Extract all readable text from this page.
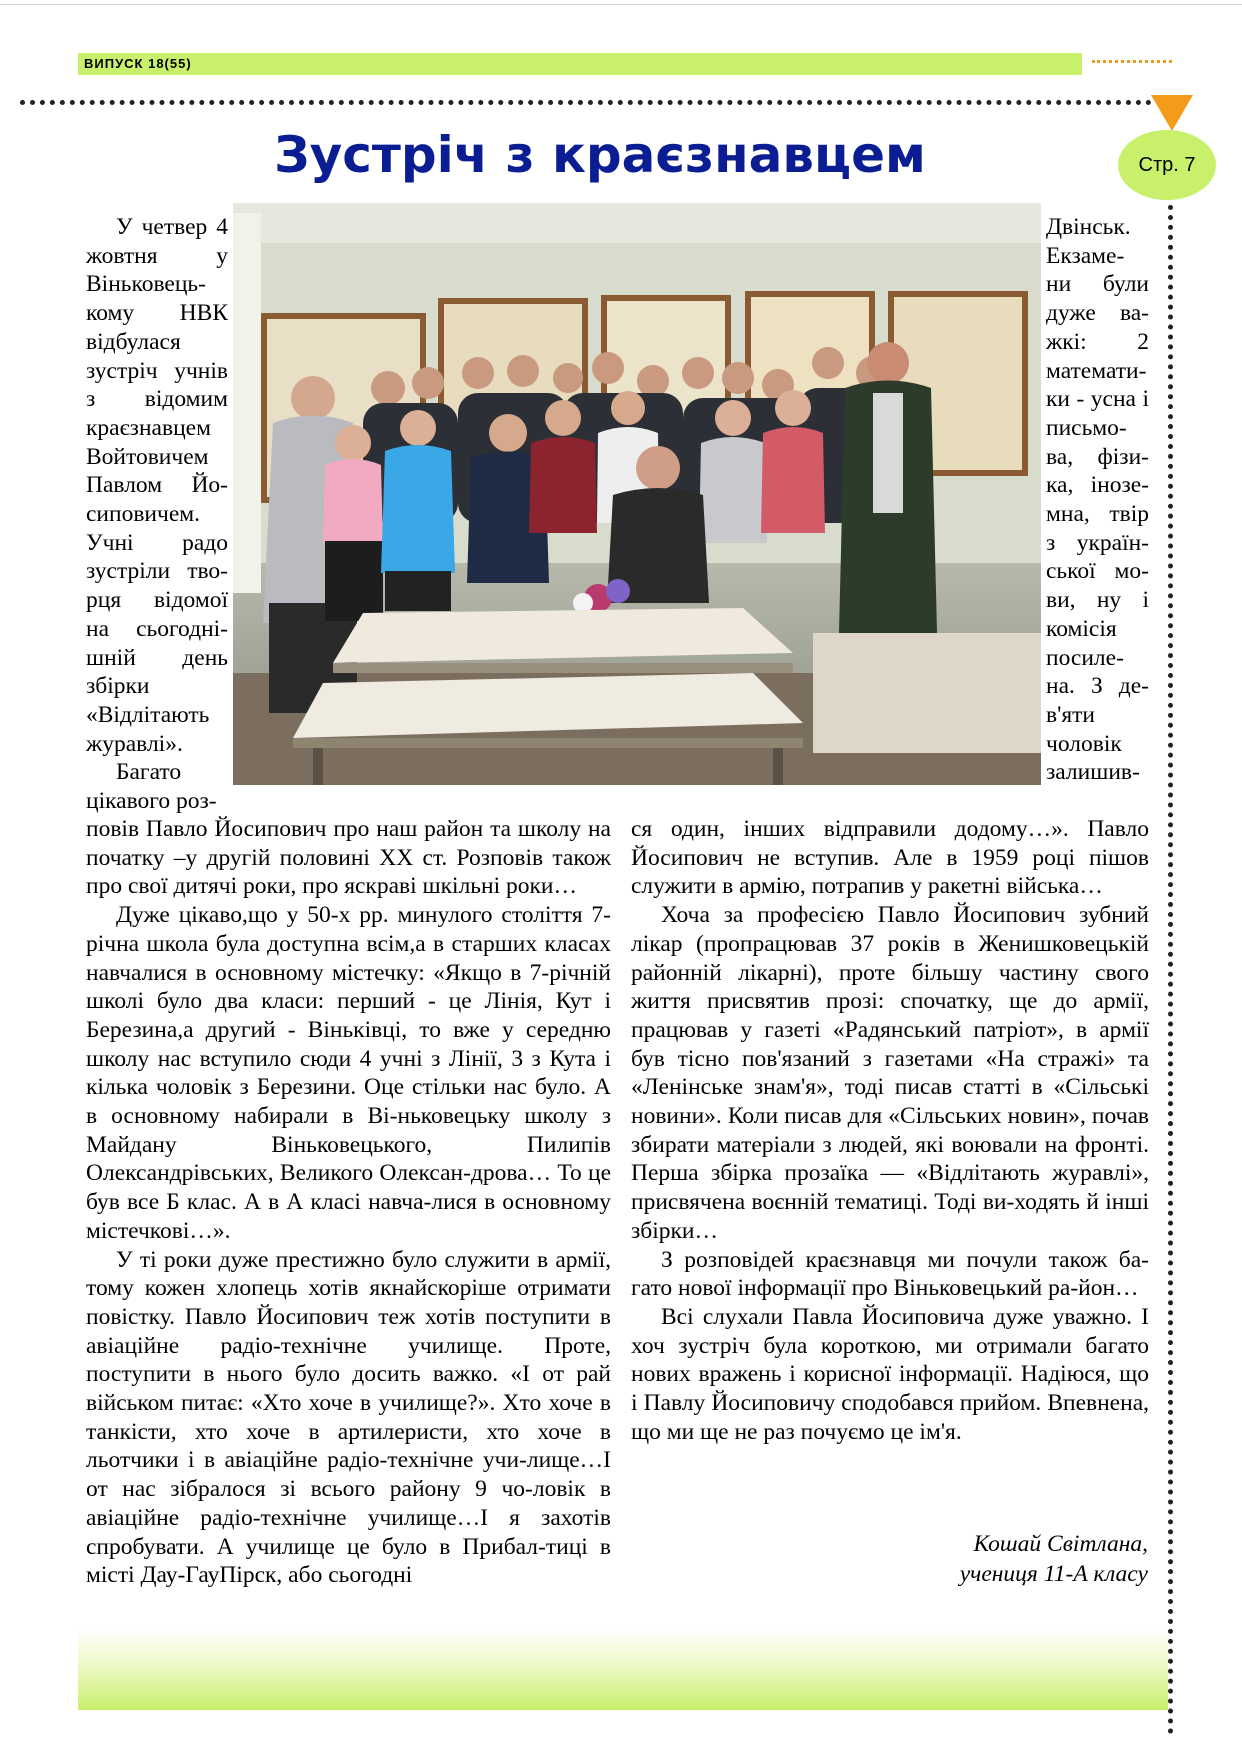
ВИПУСК 18(55)
Стр. 7
Зустріч з краєзнавцем

У четвер 4 жовтня у Віньковець-кому НВК відбулася зустріч учнів з відомим краєзнавцем Войтовичем Павлом Йо-сиповичем. Учні радо зустріли тво-рця відомої на сьогодні-шній день збірки «Відлітають журавлі».

Багато цікавого роз-

Двінськ. Екзаме-ни були дуже ва-жкі: 2 математи-ки - усна і письмо-ва, фізи-ка, інозе-мна, твір з україн-ської мо-ви, ну і комісія посиле-на. З де-в'яти чоловік залишив-

повів Павло Йосипович про наш район та школу на початку –у другій половині ХХ ст. Розповів також про свої дитячі роки, про яскраві шкільні роки…

Дуже цікаво,що у 50-х рр. минулого століття 7-річна школа була доступна всім,а в старших класах навчалися в основному містечку: «Якщо в 7-річній школі було два класи: перший - це Лінія, Кут і Березина,а другий - Віньківці, то вже у середню школу нас вступило сюди 4 учні з Лінії, 3 з Кута і кілька чоловік з Березини. Оце стільки нас було. А в основному набирали в Ві-ньковецьку школу з Майдану Віньковецького, Пилипів Олександрівських, Великого Олексан-дрова… То це був все Б клас. А в А класі навча-лися в основному містечкові…».

У ті роки дуже престижно було служити в армії, тому кожен хлопець хотів якнайскоріше отримати повістку. Павло Йосипович теж хотів поступити в авіаційне радіо-технічне училище. Проте, поступити в нього було досить важко. «І от рай військом питає: «Хто хоче в училище?». Хто хоче в танкісти, хто хоче в артилеристи, хто хоче в льотчики і в авіаційне радіо-технічне учи-лище…І от нас зібралося зі всього району 9 чо-ловік в авіаційне радіо-технічне училище…І я захотів спробувати. А училище це було в Прибал-тиці в місті Дау-ГауПірск, або сьогодні

ся один, інших відправили додому…». Павло Йосипович не вступив. Але в 1959 році пішов служити в армію, потрапив у ракетні війська…

Хоча за професією Павло Йосипович зубний лікар (пропрацював 37 років в Женишковецькій районній лікарні), проте більшу частину свого життя присвятив прозі: спочатку, ще до армії, працював у газеті «Радянський патріот», в армії був тісно пов'язаний з газетами «На стражі» та «Ленінське знам'я», тоді писав статті в «Сільські новини». Коли писав для «Сільських новин», почав збирати матеріали з людей, які воювали на фронті. Перша збірка прозаїка — «Відлітають журавлі», присвячена воєнній тематиці. Тоді ви-ходять й інші збірки…

З розповідей краєзнавця ми почули також ба-гато нової інформації про Віньковецький ра-йон…

Всі слухали Павла Йосиповича дуже уважно. І хоч зустріч була короткою, ми отримали багато нових вражень і корисної інформації. Надіюся, що і Павлу Йосиповичу сподобався прийом. Впевнена, що ми ще не раз почуємо це ім'я.

Кошай Світлана,
учениця 11-А класу
